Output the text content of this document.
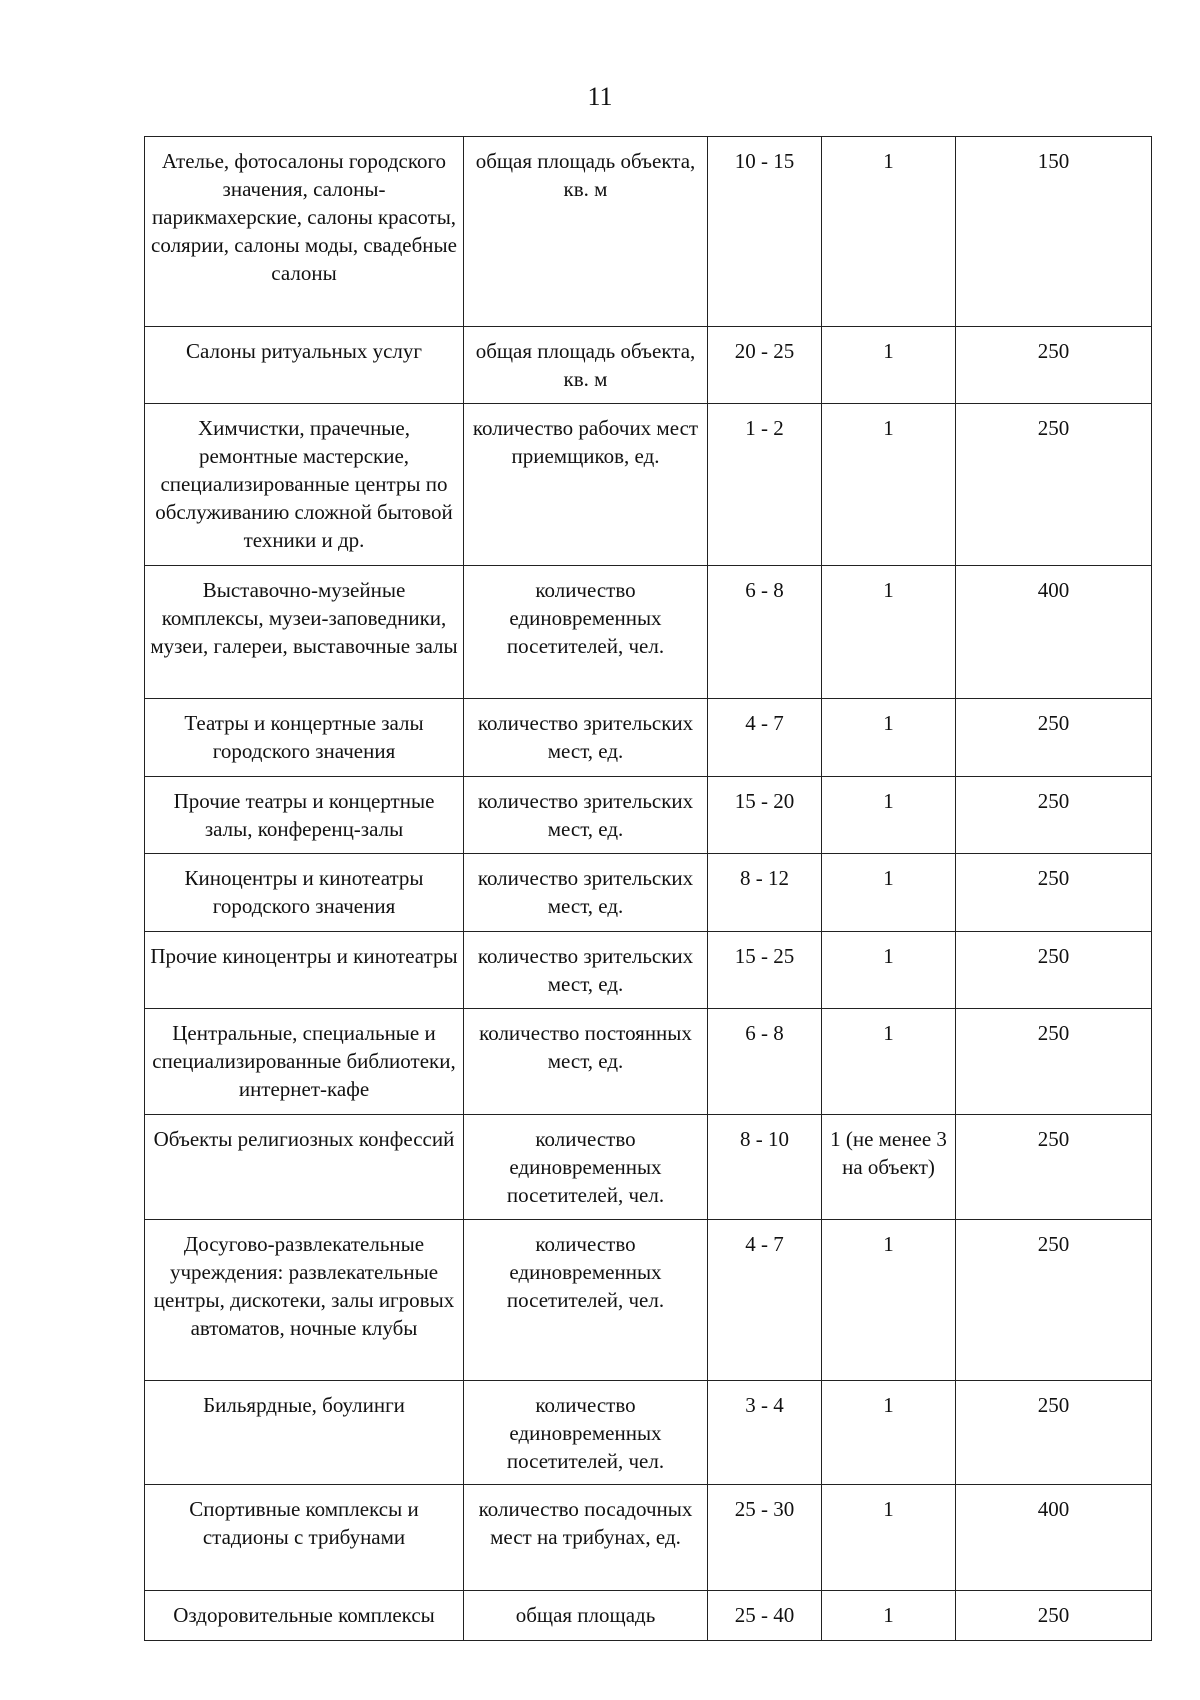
11
Ателье, фотосалоны городского значения, салоны-парикмахерские, салоны красоты, солярии, салоны моды, свадебные салоны	общая площадь объекта, кв. м	10 - 15	1	150
Салоны ритуальных услуг	общая площадь объекта, кв. м	20 - 25	1	250
Химчистки, прачечные, ремонтные мастерские, специализированные центры по обслуживанию сложной бытовой техники и др.	количество рабочих мест приемщиков, ед.	1 - 2	1	250
Выставочно-музейные комплексы, музеи-заповедники, музеи, галереи, выставочные залы	количество единовременных посетителей, чел.	6 - 8	1	400
Театры и концертные залы городского значения	количество зрительских мест, ед.	4 - 7	1	250
Прочие театры и концертные залы, конференц-залы	количество зрительских мест, ед.	15 - 20	1	250
Киноцентры и кинотеатры городского значения	количество зрительских мест, ед.	8 - 12	1	250
Прочие киноцентры и кинотеатры	количество зрительских мест, ед.	15 - 25	1	250
Центральные, специальные и специализированные библиотеки, интернет-кафе	количество постоянных мест, ед.	6 - 8	1	250
Объекты религиозных конфессий	количество единовременных посетителей, чел.	8 - 10	1 (не менее 3 на объект)	250
Досугово-развлекательные учреждения: развлекательные центры, дискотеки, залы игровых автоматов, ночные клубы	количество единовременных посетителей, чел.	4 - 7	1	250
Бильярдные, боулинги	количество единовременных посетителей, чел.	3 - 4	1	250
Спортивные комплексы и стадионы с трибунами	количество посадочных мест на трибунах, ед.	25 - 30	1	400
Оздоровительные комплексы	общая площадь	25 - 40	1	250
